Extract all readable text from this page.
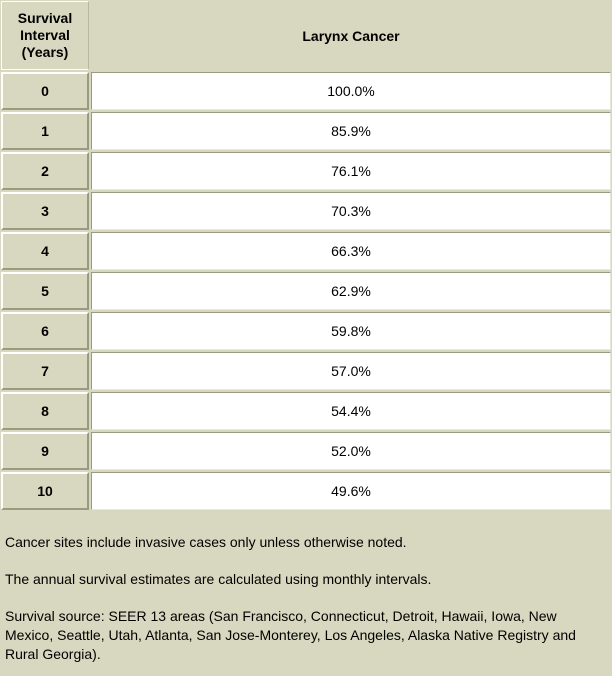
Survival
Interval
(Years)	Larynx Cancer
0	100.0%
1	85.9%
2	76.1%
3	70.3%
4	66.3%
5	62.9%
6	59.8%
7	57.0%
8	54.4%
9	52.0%
10	49.6%

Cancer sites include invasive cases only unless otherwise noted.

The annual survival estimates are calculated using monthly intervals.

Survival source: SEER 13 areas (San Francisco, Connecticut, Detroit, Hawaii, Iowa, New Mexico, Seattle, Utah, Atlanta, San Jose-Monterey, Los Angeles, Alaska Native Registry and Rural Georgia).
